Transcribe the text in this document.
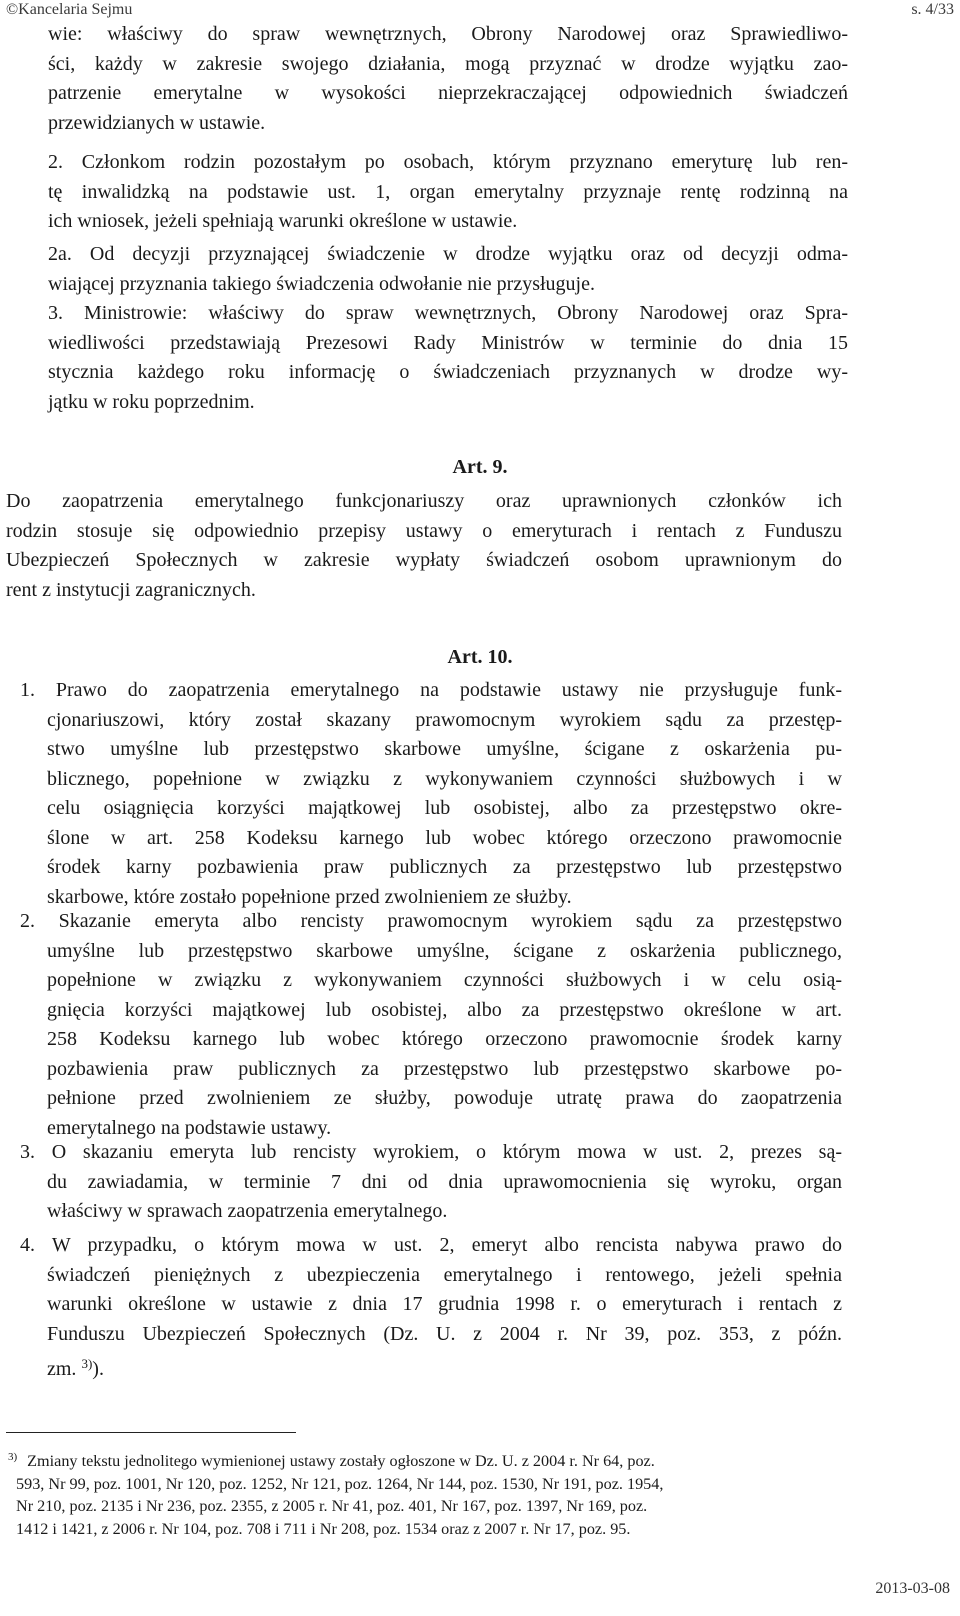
©Kancelaria Sejmu	s. 4/33
wie: właściwy do spraw wewnętrznych, Obrony Narodowej oraz Sprawiedliwo-
ści, każdy w zakresie swojego działania, mogą przyznać w drodze wyjątku zao-
patrzenie emerytalne w wysokości nieprzekraczającej odpowiednich świadczeń
przewidzianych w ustawie.
2. Członkom rodzin pozostałym po osobach, którym przyznano emeryturę lub ren-
tę inwalidzką na podstawie ust. 1, organ emerytalny przyznaje rentę rodzinną na
ich wniosek, jeżeli spełniają warunki określone w ustawie.
2a. Od decyzji przyznającej świadczenie w drodze wyjątku oraz od decyzji odma-
wiającej przyznania takiego świadczenia odwołanie nie przysługuje.
3. Ministrowie: właściwy do spraw wewnętrznych, Obrony Narodowej oraz Spra-
wiedliwości przedstawiają Prezesowi Rady Ministrów w terminie do dnia 15
stycznia każdego roku informację o świadczeniach przyznanych w drodze wy-
jątku w roku poprzednim.
Art. 9.
Do zaopatrzenia emerytalnego funkcjonariuszy oraz uprawnionych członków ich
rodzin stosuje się odpowiednio przepisy ustawy o emeryturach i rentach z Funduszu
Ubezpieczeń Społecznych w zakresie wypłaty świadczeń osobom uprawnionym do
rent z instytucji zagranicznych.
Art. 10.
1. Prawo do zaopatrzenia emerytalnego na podstawie ustawy nie przysługuje funk-
cjonariuszowi, który został skazany prawomocnym wyrokiem sądu za przestęp-
stwo umyślne lub przestępstwo skarbowe umyślne, ścigane z oskarżenia pu-
blicznego, popełnione w związku z wykonywaniem czynności służbowych i w
celu osiągnięcia korzyści majątkowej lub osobistej, albo za przestępstwo okre-
ślone w art. 258 Kodeksu karnego lub wobec którego orzeczono prawomocnie
środek karny pozbawienia praw publicznych za przestępstwo lub przestępstwo
skarbowe, które zostało popełnione przed zwolnieniem ze służby.
2. Skazanie emeryta albo rencisty prawomocnym wyrokiem sądu za przestępstwo
umyślne lub przestępstwo skarbowe umyślne, ścigane z oskarżenia publicznego,
popełnione w związku z wykonywaniem czynności służbowych i w celu osią-
gnięcia korzyści majątkowej lub osobistej, albo za przestępstwo określone w art.
258 Kodeksu karnego lub wobec którego orzeczono prawomocnie środek karny
pozbawienia praw publicznych za przestępstwo lub przestępstwo skarbowe po-
pełnione przed zwolnieniem ze służby, powoduje utratę prawa do zaopatrzenia
emerytalnego na podstawie ustawy.
3. O skazaniu emeryta lub rencisty wyrokiem, o którym mowa w ust. 2, prezes są-
du zawiadamia, w terminie 7 dni od dnia uprawomocnienia się wyroku, organ
właściwy w sprawach zaopatrzenia emerytalnego.
4. W przypadku, o którym mowa w ust. 2, emeryt albo rencista nabywa prawo do
świadczeń pieniężnych z ubezpieczenia emerytalnego i rentowego, jeżeli spełnia
warunki określone w ustawie z dnia 17 grudnia 1998 r. o emeryturach i rentach z
Funduszu Ubezpieczeń Społecznych (Dz. U. z 2004 r. Nr 39, poz. 353, z późn.
zm. $^{3)}$).
$^{3)}$ Zmiany tekstu jednolitego wymienionej ustawy zostały ogłoszone w Dz. U. z 2004 r. Nr 64, poz.
593, Nr 99, poz. 1001, Nr 120, poz. 1252, Nr 121, poz. 1264, Nr 144, poz. 1530, Nr 191, poz. 1954,
Nr 210, poz. 2135 i Nr 236, poz. 2355, z 2005 r. Nr 41, poz. 401, Nr 167, poz. 1397, Nr 169, poz.
1412 i 1421, z 2006 r. Nr 104, poz. 708 i 711 i Nr 208, poz. 1534 oraz z 2007 r. Nr 17, poz. 95.
2013-03-08
